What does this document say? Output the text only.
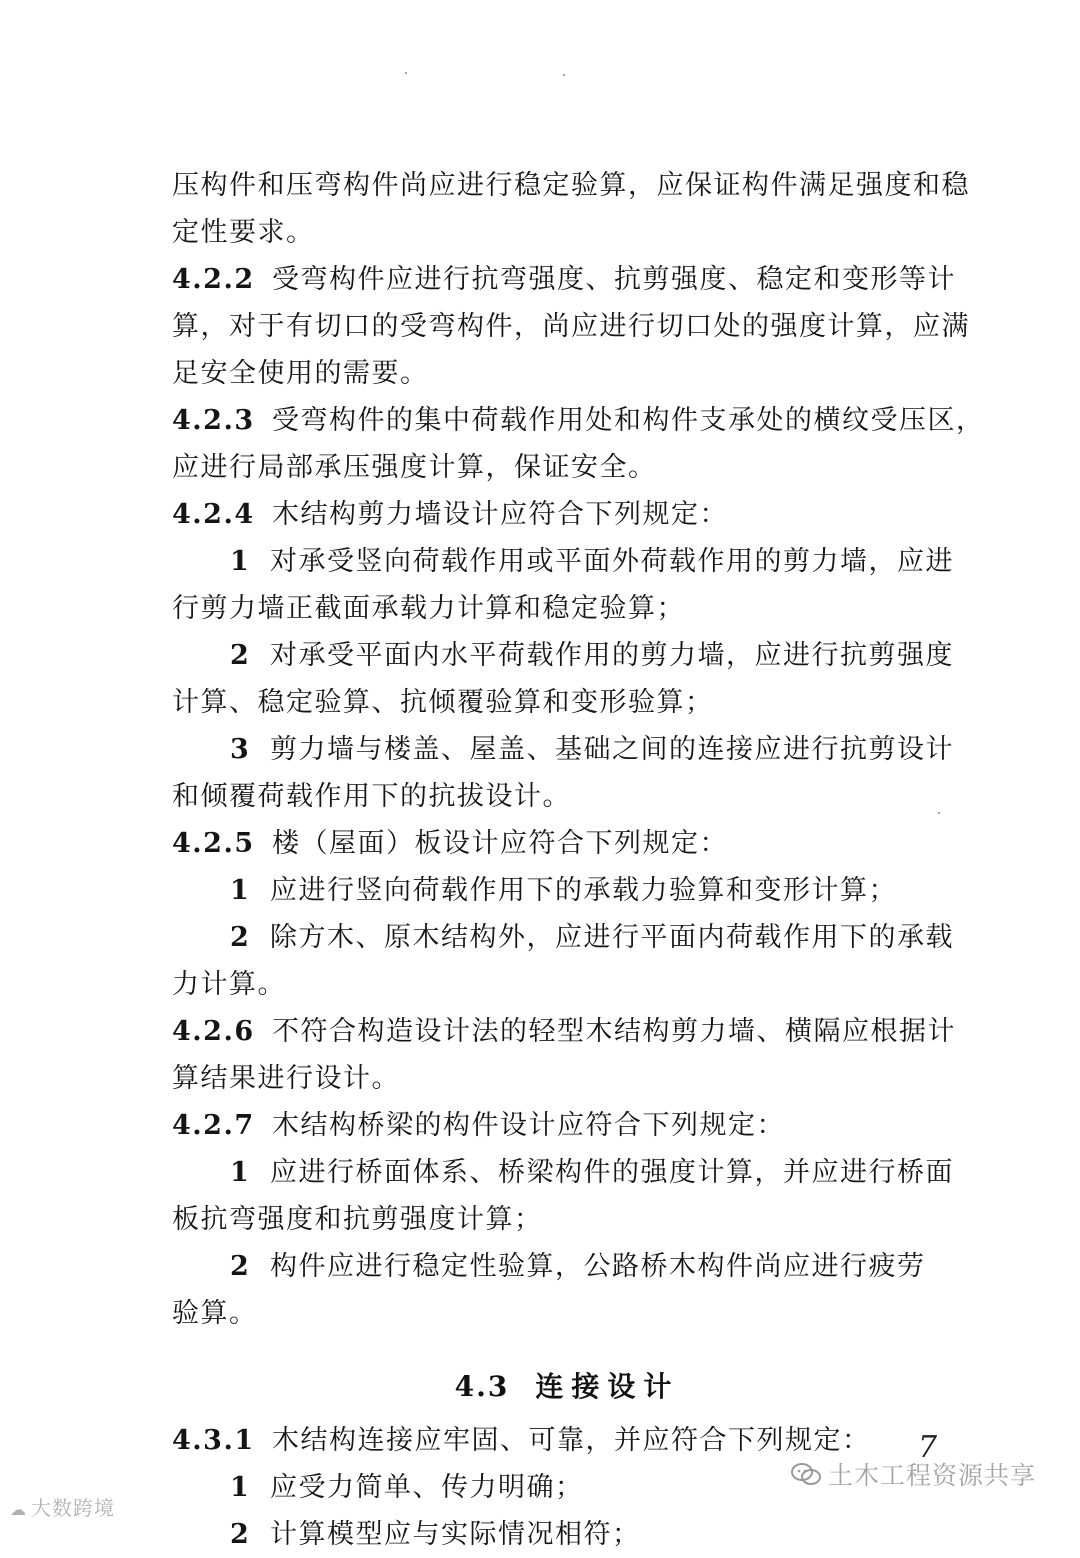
压构件和压弯构件尚应进行稳定验算，应保证构件满足强度和稳
定性要求。
4.2.2 受弯构件应进行抗弯强度、抗剪强度、稳定和变形等计
算，对于有切口的受弯构件，尚应进行切口处的强度计算，应满
足安全使用的需要。
4.2.3 受弯构件的集中荷载作用处和构件支承处的横纹受压区，
应进行局部承压强度计算，保证安全。
4.2.4 木结构剪力墙设计应符合下列规定：
1 对承受竖向荷载作用或平面外荷载作用的剪力墙，应进
行剪力墙正截面承载力计算和稳定验算；
2 对承受平面内水平荷载作用的剪力墙，应进行抗剪强度
计算、稳定验算、抗倾覆验算和变形验算；
3 剪力墙与楼盖、屋盖、基础之间的连接应进行抗剪设计
和倾覆荷载作用下的抗拔设计。
4.2.5 楼（屋面）板设计应符合下列规定：
1 应进行竖向荷载作用下的承载力验算和变形计算；
2 除方木、原木结构外，应进行平面内荷载作用下的承载
力计算。
4.2.6 不符合构造设计法的轻型木结构剪力墙、横隔应根据计
算结果进行设计。
4.2.7 木结构桥梁的构件设计应符合下列规定：
1 应进行桥面体系、桥梁构件的强度计算，并应进行桥面
板抗弯强度和抗剪强度计算；
2 构件应进行稳定性验算，公路桥木构件尚应进行疲劳
验算。
4.3 连接设计
4.3.1 木结构连接应牢固、可靠，并应符合下列规定：
1 应受力简单、传力明确；
2 计算模型应与实际情况相符；
7
☁ 大数跨境
土木工程资源共享
